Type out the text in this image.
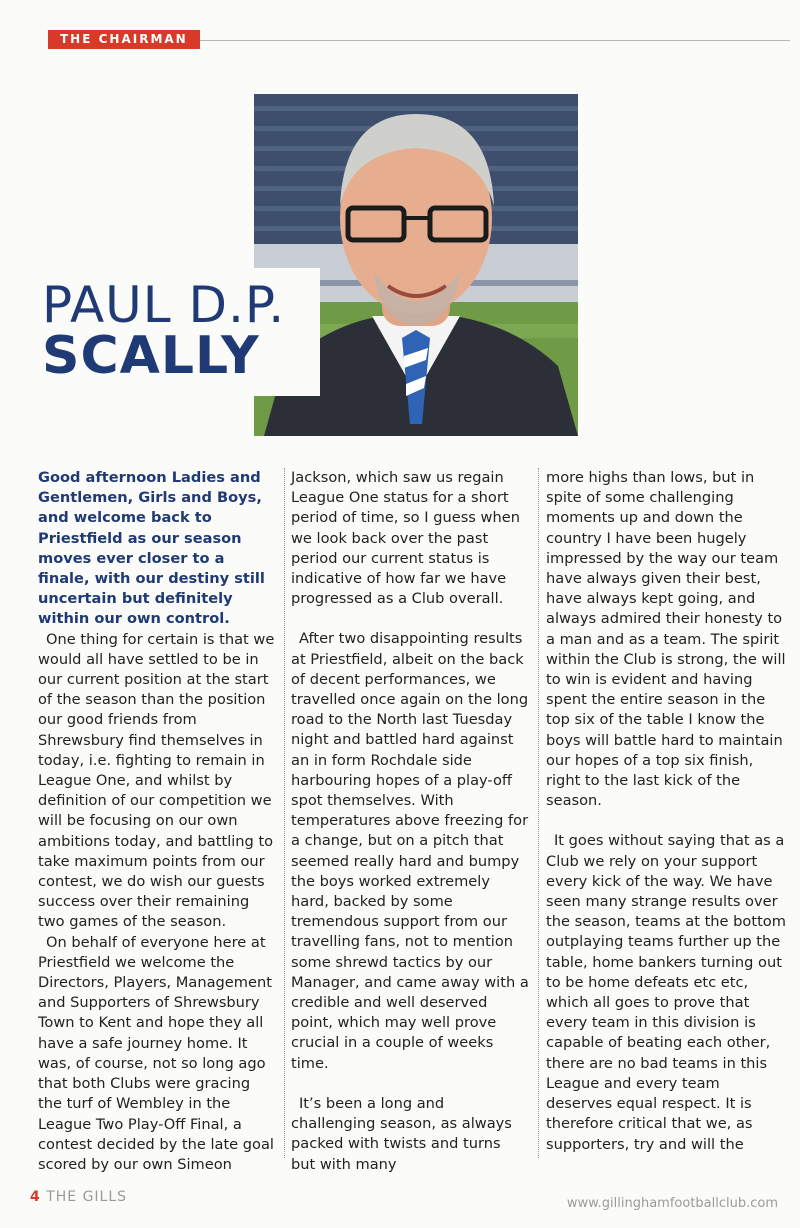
THE CHAIRMAN
PAUL D.P.
SCALLY

Good afternoon Ladies and Gentlemen, Girls and Boys, and welcome back to Priestfield as our season moves ever closer to a finale, with our destiny still uncertain but definitely within our own control.

One thing for certain is that we would all have settled to be in our current position at the start of the season than the position our good friends from Shrewsbury find themselves in today, i.e. fighting to remain in League One, and whilst by definition of our competition we will be focusing on our own ambitions today, and battling to take maximum points from our contest, we do wish our guests success over their remaining two games of the season.

On behalf of everyone here at Priestfield we welcome the Directors, Players, Management and Supporters of Shrewsbury Town to Kent and hope they all have a safe journey home. It was, of course, not so long ago that both Clubs were gracing the turf of Wembley in the League Two Play-Off Final, a contest decided by the late goal scored by our own Simeon

Jackson, which saw us regain League One status for a short period of time, so I guess when we look back over the past period our current status is indicative of how far we have progressed as a Club overall.

After two disappointing results at Priestfield, albeit on the back of decent performances, we travelled once again on the long road to the North last Tuesday night and battled hard against an in form Rochdale side harbouring hopes of a play-off spot themselves. With temperatures above freezing for a change, but on a pitch that seemed really hard and bumpy the boys worked extremely hard, backed by some tremendous support from our travelling fans, not to mention some shrewd tactics by our Manager, and came away with a credible and well deserved point, which may well prove crucial in a couple of weeks time.

It’s been a long and challenging season, as always packed with twists and turns but with many

more highs than lows, but in spite of some challenging moments up and down the country I have been hugely impressed by the way our team have always given their best, have always kept going, and always admired their honesty to a man and as a team. The spirit within the Club is strong, the will to win is evident and having spent the entire season in the top six of the table I know the boys will battle hard to maintain our hopes of a top six finish, right to the last kick of the season.

It goes without saying that as a Club we rely on your support every kick of the way. We have seen many strange results over the season, teams at the bottom outplaying teams further up the table, home bankers turning out to be home defeats etc etc, which all goes to prove that every team in this division is capable of beating each other, there are no bad teams in this League and every team deserves equal respect. It is therefore critical that we, as supporters, try and will the

4 THE GILLS	www.gillinghamfootballclub.com
